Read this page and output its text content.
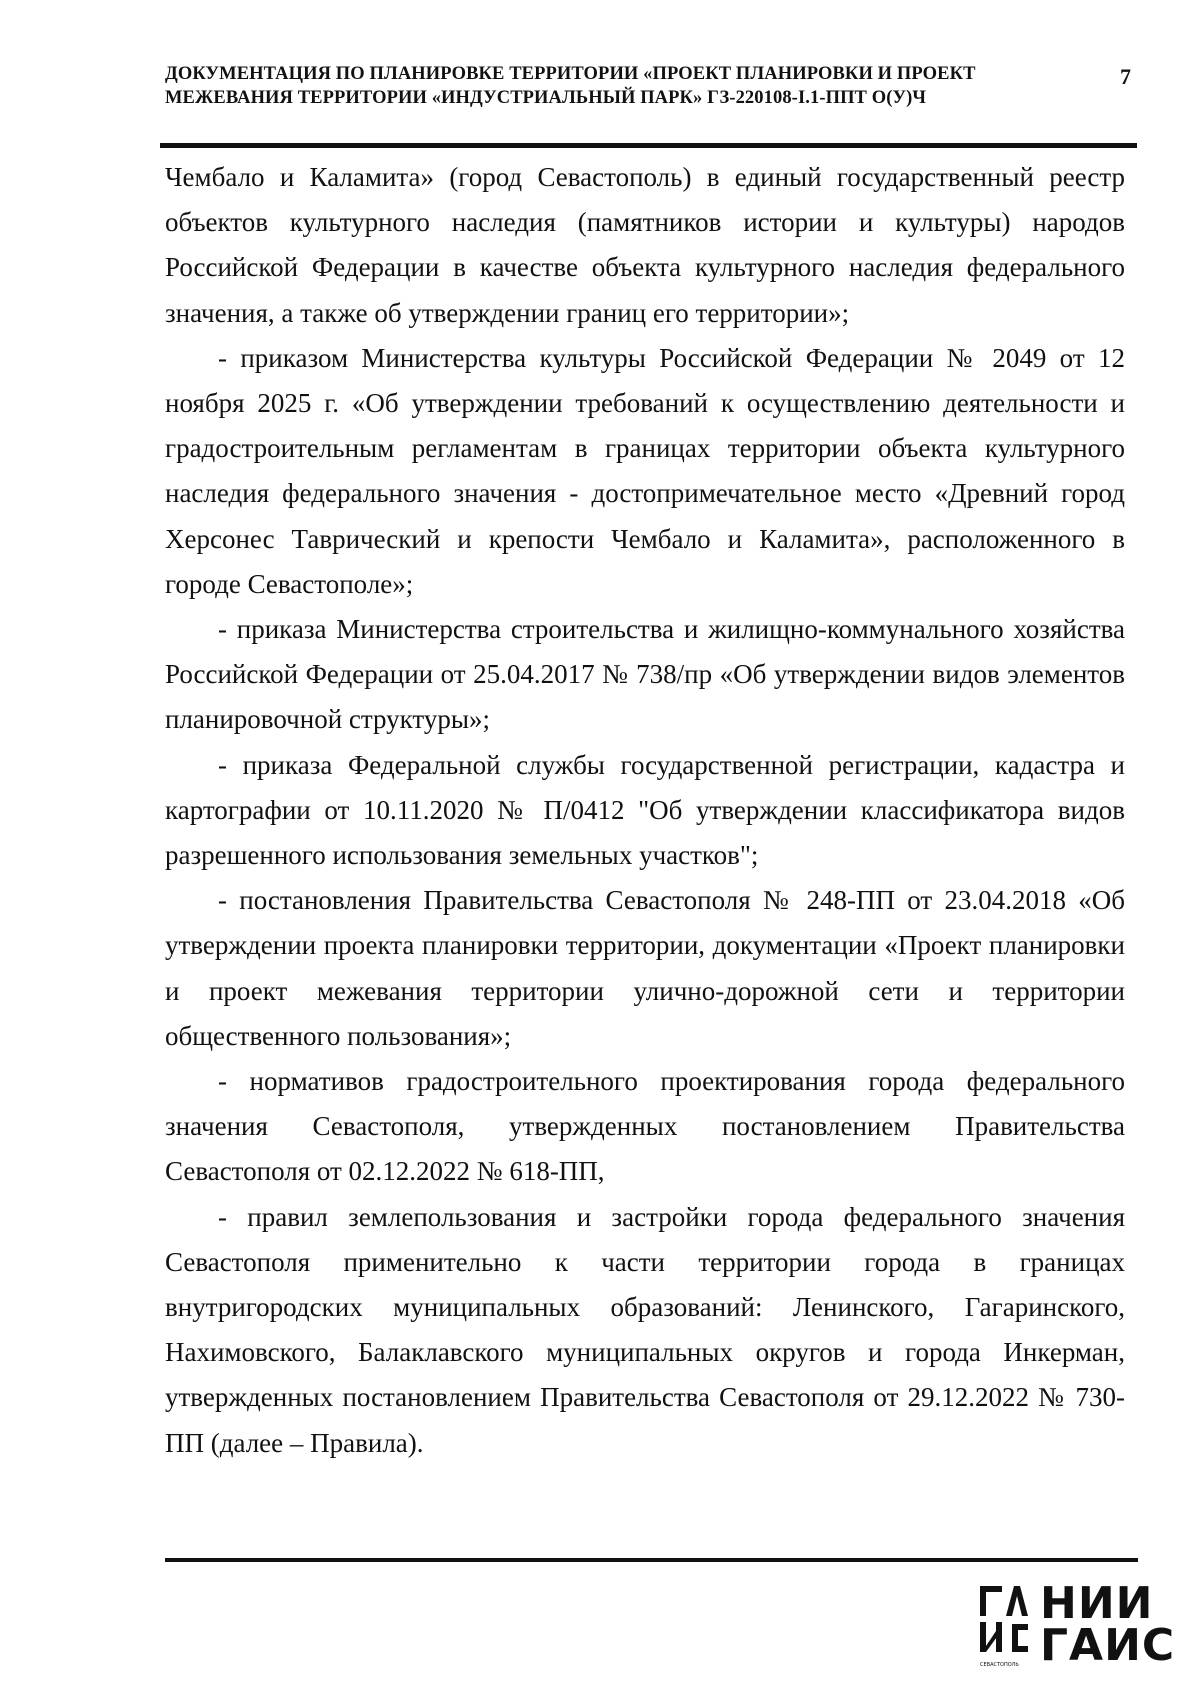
ДОКУМЕНТАЦИЯ ПО ПЛАНИРОВКЕ ТЕРРИТОРИИ «ПРОЕКТ ПЛАНИРОВКИ И ПРОЕКТ
МЕЖЕВАНИЯ ТЕРРИТОРИИ «ИНДУСТРИАЛЬНЫЙ ПАРК» ГЗ-220108-I.1-ППТ О(У)Ч
7

Чембало и Каламита» (город Севастополь) в единый государственный реестр объектов культурного наследия (памятников истории и культуры) народов Российской Федерации в качестве объекта культурного наследия федерального значения, а также об утверждении границ его территории»;

- приказом Министерства культуры Российской Федерации № 2049 от 12 ноября 2025 г. «Об утверждении требований к осуществлению деятельности и градостроительным регламентам в границах территории объекта культурного наследия федерального значения - достопримечательное место «Древний город Херсонес Таврический и крепости Чембало и Каламита», расположенного в городе Севастополе»;

- приказа Министерства строительства и жилищно-коммунального хозяйства Российской Федерации от 25.04.2017 № 738/пр «Об утверждении видов элементов планировочной структуры»;

- приказа Федеральной службы государственной регистрации, кадастра и картографии от 10.11.2020 № П/0412 "Об утверждении классификатора видов разрешенного использования земельных участков";

- постановления Правительства Севастополя № 248-ПП от 23.04.2018 «Об утверждении проекта планировки территории, документации «Проект планировки и проект межевания территории улично-дорожной сети и территории общественного пользования»;

- нормативов градостроительного проектирования города федерального значения Севастополя, утвержденных постановлением Правительства Севастополя от 02.12.2022 № 618-ПП,

- правил землепользования и застройки города федерального значения Севастополя применительно к части территории города в границах внутригородских муниципальных образований: Ленинского, Гагаринского, Нахимовского, Балаклавского муниципальных округов и города Инкерман, утвержденных постановлением Правительства Севастополя от 29.12.2022 № 730-ПП (далее – Правила).

СЕВАСТОПОЛЬ
НИИ
ГАИС
